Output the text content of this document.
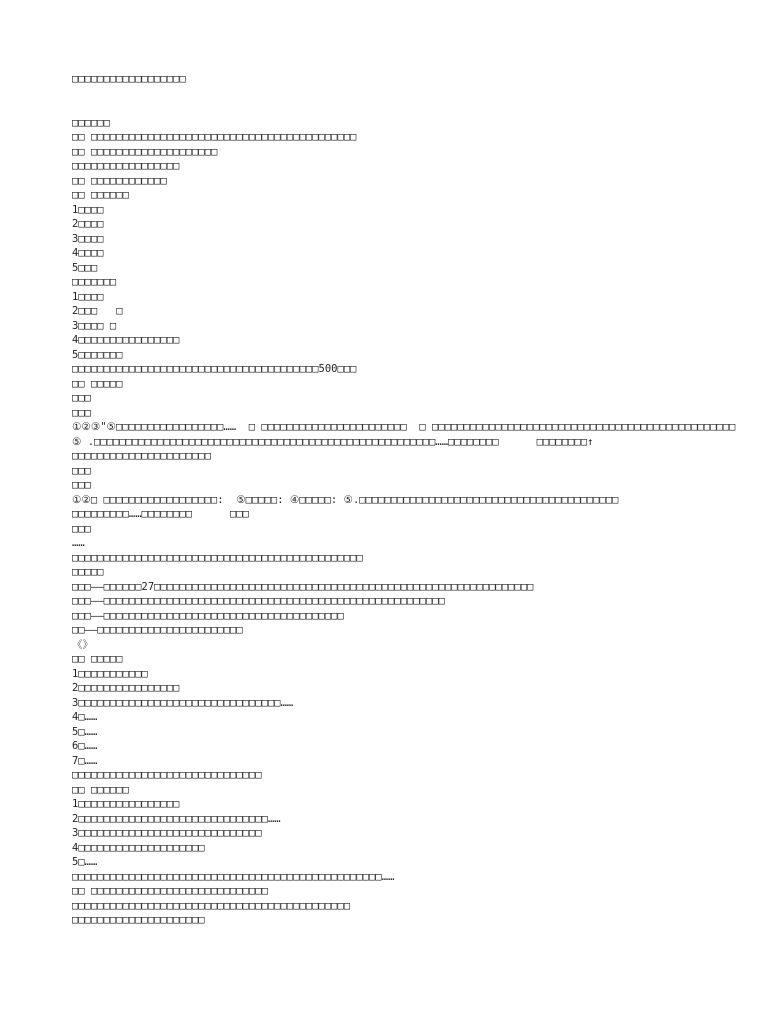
□□□□□□□□□□□□□□□□□□
□□□□□□
□□ □□□□□□□□□□□□□□□□□□□□□□□□□□□□□□□□□□□□□□□□□□
□□ □□□□□□□□□□□□□□□□□□□□
□□□□□□□□□□□□□□□□□
□□ □□□□□□□□□□□□
□□ □□□□□□
1□□□□
2□□□□
3□□□□
4□□□□
5□□□
□□□□□□□
1□□□□
2□□□   □
3□□□□ □
4□□□□□□□□□□□□□□□□
5□□□□□□□
□□□□□□□□□□□□□□□□□□□□□□□□□□□□□□□□□□□□□□□500□□□
□□ □□□□□
□□□
□□□
①②③"⑤□□□□□□□□□□□□□□□□□……  □ □□□□□□□□□□□□□□□□□□□□□□□  □ □□□□□□□□□□□□□□□□□□□□□□□□□□□□□□□□□□□□□□□□□□□□□□□□
⑤ .□□□□□□□□□□□□□□□□□□□□□□□□□□□□□□□□□□□□□□□□□□□□□□□□□□□□□□……□□□□□□□□      □□□□□□□□↑
□□□□□□□□□□□□□□□□□□□□□□
□□□
□□□
①②□ □□□□□□□□□□□□□□□□□□:  ⑤□□□□□: ④□□□□□: ⑤.□□□□□□□□□□□□□□□□□□□□□□□□□□□□□□□□□□□□□□□□□
□□□□□□□□□……□□□□□□□□      □□□
□□□
……
□□□□□□□□□□□□□□□□□□□□□□□□□□□□□□□□□□□□□□□□□□□□□□
□□□□□
□□□——□□□□□□27□□□□□□□□□□□□□□□□□□□□□□□□□□□□□□□□□□□□□□□□□□□□□□□□□□□□□□□□□□□□
□□□——□□□□□□□□□□□□□□□□□□□□□□□□□□□□□□□□□□□□□□□□□□□□□□□□□□□□□□
□□□——□□□□□□□□□□□□□□□□□□□□□□□□□□□□□□□□□□□□□□
□□——□□□□□□□□□□□□□□□□□□□□□□□
《》
□□ □□□□□
1□□□□□□□□□□□
2□□□□□□□□□□□□□□□□
3□□□□□□□□□□□□□□□□□□□□□□□□□□□□□□□□……
4□……
5□……
6□……
7□……
□□□□□□□□□□□□□□□□□□□□□□□□□□□□□□
□□ □□□□□□
1□□□□□□□□□□□□□□□□
2□□□□□□□□□□□□□□□□□□□□□□□□□□□□□□……
3□□□□□□□□□□□□□□□□□□□□□□□□□□□□□
4□□□□□□□□□□□□□□□□□□□□
5□……
□□□□□□□□□□□□□□□□□□□□□□□□□□□□□□□□□□□□□□□□□□□□□□□□□……
□□ □□□□□□□□□□□□□□□□□□□□□□□□□□□□
□□□□□□□□□□□□□□□□□□□□□□□□□□□□□□□□□□□□□□□□□□□□
□□□□□□□□□□□□□□□□□□□□□
